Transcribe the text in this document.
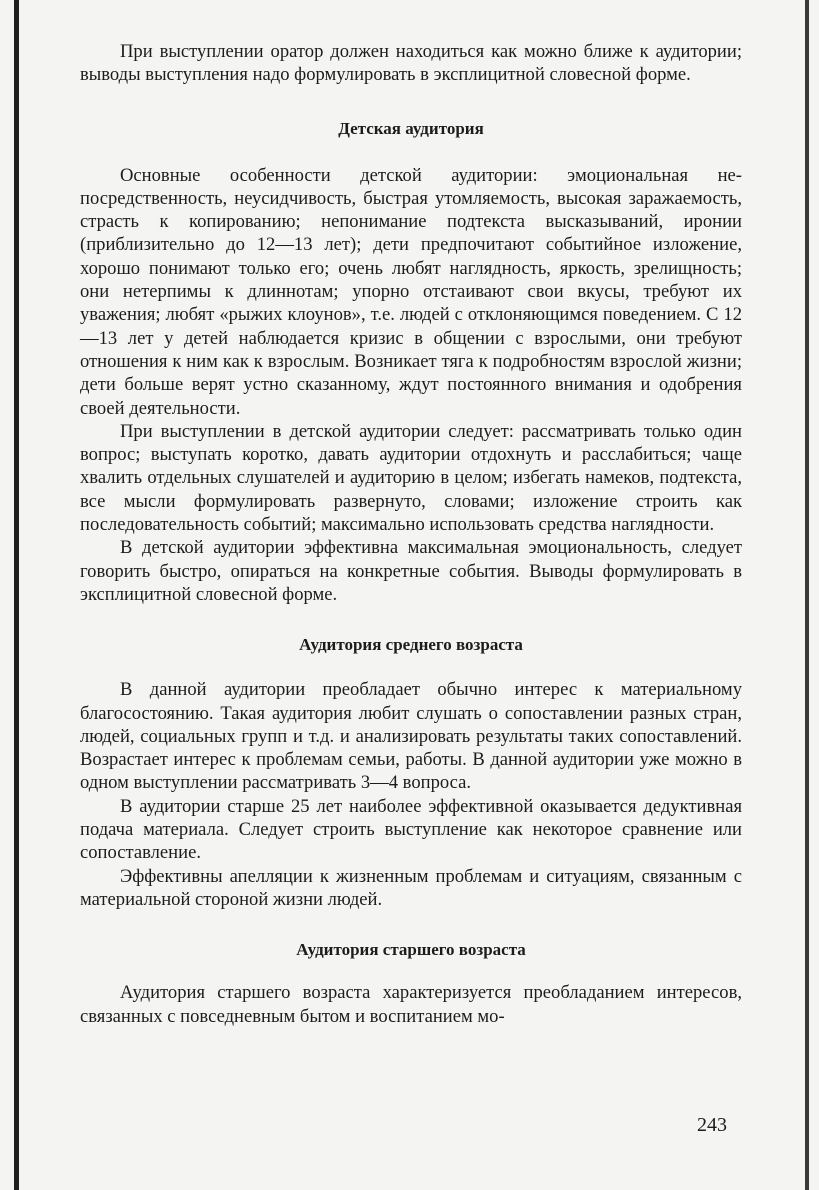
При выступлении оратор должен находиться как можно ближе к аудитории; выводы выступления надо формулировать в эксплицитной словесной форме.

Детская аудитория

Основные особенности детской аудитории: эмоциональная непосредственность, неусидчивость, быстрая утомляемость, высокая заражаемость, страсть к копированию; непонимание подтекста высказываний, иронии (приблизительно до 12—13 лет); дети предпочитают событийное изложение, хорошо понимают только его; очень любят наглядность, яркость, зрелищность; они нетерпимы к длиннотам; упорно отстаивают свои вкусы, требуют их уважения; любят «рыжих клоунов», т.е. людей с отклоняющимся поведением. С 12—13 лет у детей наблюдается кризис в общении с взрослыми, они требуют отношения к ним как к взрослым. Возникает тяга к подробностям взрослой жизни; дети больше верят устно сказанному, ждут постоянного внимания и одобрения своей деятельности.

При выступлении в детской аудитории следует: рассматривать только один вопрос; выступать коротко, давать аудитории отдохнуть и расслабиться; чаще хвалить отдельных слушателей и аудиторию в целом; избегать намеков, подтекста, все мысли формулировать развернуто, словами; изложение строить как последовательность событий; максимально использовать средства наглядности.

В детской аудитории эффективна максимальная эмоциональность, следует говорить быстро, опираться на конкретные события. Выводы формулировать в эксплицитной словесной форме.

Аудитория среднего возраста

В данной аудитории преобладает обычно интерес к материальному благосостоянию. Такая аудитория любит слушать о сопоставлении разных стран, людей, социальных групп и т.д. и анализировать результаты таких сопоставлений. Возрастает интерес к проблемам семьи, работы. В данной аудитории уже можно в одном выступлении рассматривать 3—4 вопроса.

В аудитории старше 25 лет наиболее эффективной оказывается дедуктивная подача материала. Следует строить выступление как некоторое сравнение или сопоставление.

Эффективны апелляции к жизненным проблемам и ситуациям, связанным с материальной стороной жизни людей.

Аудитория старшего возраста

Аудитория старшего возраста характеризуется преобладанием интересов, связанных с повседневным бытом и воспитанием мо-

243
